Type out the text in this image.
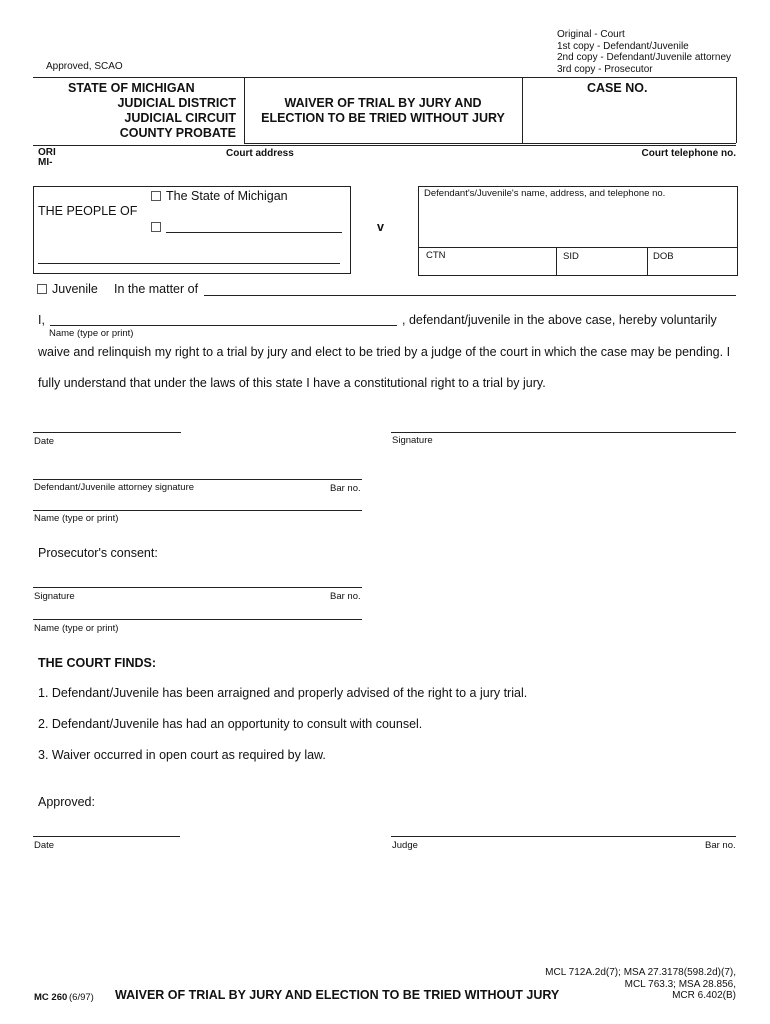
Original - Court
1st copy - Defendant/Juvenile
2nd copy - Defendant/Juvenile attorney
3rd copy - Prosecutor
Approved, SCAO
STATE OF MICHIGAN
JUDICIAL DISTRICT
JUDICIAL CIRCUIT
COUNTY PROBATE
WAIVER OF TRIAL BY JURY AND
ELECTION TO BE TRIED WITHOUT JURY
CASE NO.
ORI
MI-
Court address	Court telephone no.
The State of Michigan
THE PEOPLE OF
v
Defendant's/Juvenile's name, address, and telephone no.
CTN	SID	DOB
Juvenile In the matter of
I,	, defendant/juvenile in the above case, hereby voluntarily
Name (type or print)
waive and relinquish my right to a trial by jury and elect to be tried by a judge of the court in which the case may be pending. I
fully understand that under the laws of this state I have a constitutional right to a trial by jury.
Date	Signature
Defendant/Juvenile attorney signature	Bar no.
Name (type or print)
Prosecutor's consent:
Signature	Bar no.
Name (type or print)
THE COURT FINDS:
1. Defendant/Juvenile has been arraigned and properly advised of the right to a jury trial.
2. Defendant/Juvenile has had an opportunity to consult with counsel.
3. Waiver occurred in open court as required by law.
Approved:
Date	Judge	Bar no.
MCL 712A.2d(7); MSA 27.3178(598.2d)(7),
MCL 763.3; MSA 28.856,
MCR 6.402(B)
MC 260 (6/97) WAIVER OF TRIAL BY JURY AND ELECTION TO BE TRIED WITHOUT JURY
